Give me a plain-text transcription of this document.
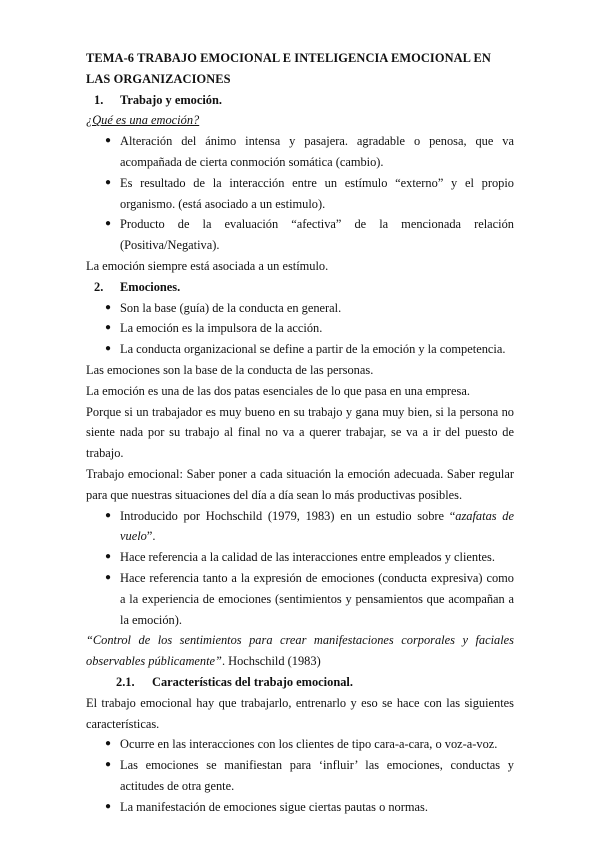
TEMA-6 TRABAJO EMOCIONAL E INTELIGENCIA EMOCIONAL EN LAS ORGANIZACIONES
1.	Trabajo y emoción.

¿Qué es una emoción?

● Alteración del ánimo intensa y pasajera. agradable o penosa, que va acompañada de cierta conmoción somática (cambio).
● Es resultado de la interacción entre un estímulo “externo” y el propio organismo. (está asociado a un estimulo).
● Producto de la evaluación “afectiva” de la mencionada relación (Positiva/Negativa).

La emoción siempre está asociada a un estímulo.

2.	Emociones.
● Son la base (guía) de la conducta en general.
● La emoción es la impulsora de la acción.
● La conducta organizacional se define a partir de la emoción y la competencia.

Las emociones son la base de la conducta de las personas.

La emoción es una de las dos patas esenciales de lo que pasa en una empresa.

Porque si un trabajador es muy bueno en su trabajo y gana muy bien, si la persona no siente nada por su trabajo al final no va a querer trabajar, se va a ir del puesto de trabajo.

Trabajo emocional: Saber poner a cada situación la emoción adecuada. Saber regular para que nuestras situaciones del día a día sean lo más productivas posibles.

● Introducido por Hochschild (1979, 1983) en un estudio sobre “azafatas de vuelo”.
● Hace referencia a la calidad de las interacciones entre empleados y clientes.
● Hace referencia tanto a la expresión de emociones (conducta expresiva) como a la experiencia de emociones (sentimientos y pensamientos que acompañan a la emoción).

“Control de los sentimientos para crear manifestaciones corporales y faciales observables públicamente”. Hochschild (1983)

2.1.	Características del trabajo emocional.

El trabajo emocional hay que trabajarlo, entrenarlo y eso se hace con las siguientes características.

● Ocurre en las interacciones con los clientes de tipo cara-a-cara, o voz-a-voz.
● Las emociones se manifiestan para ‘influir’ las emociones, conductas y actitudes de otra gente.
● La manifestación de emociones sigue ciertas pautas o normas.
